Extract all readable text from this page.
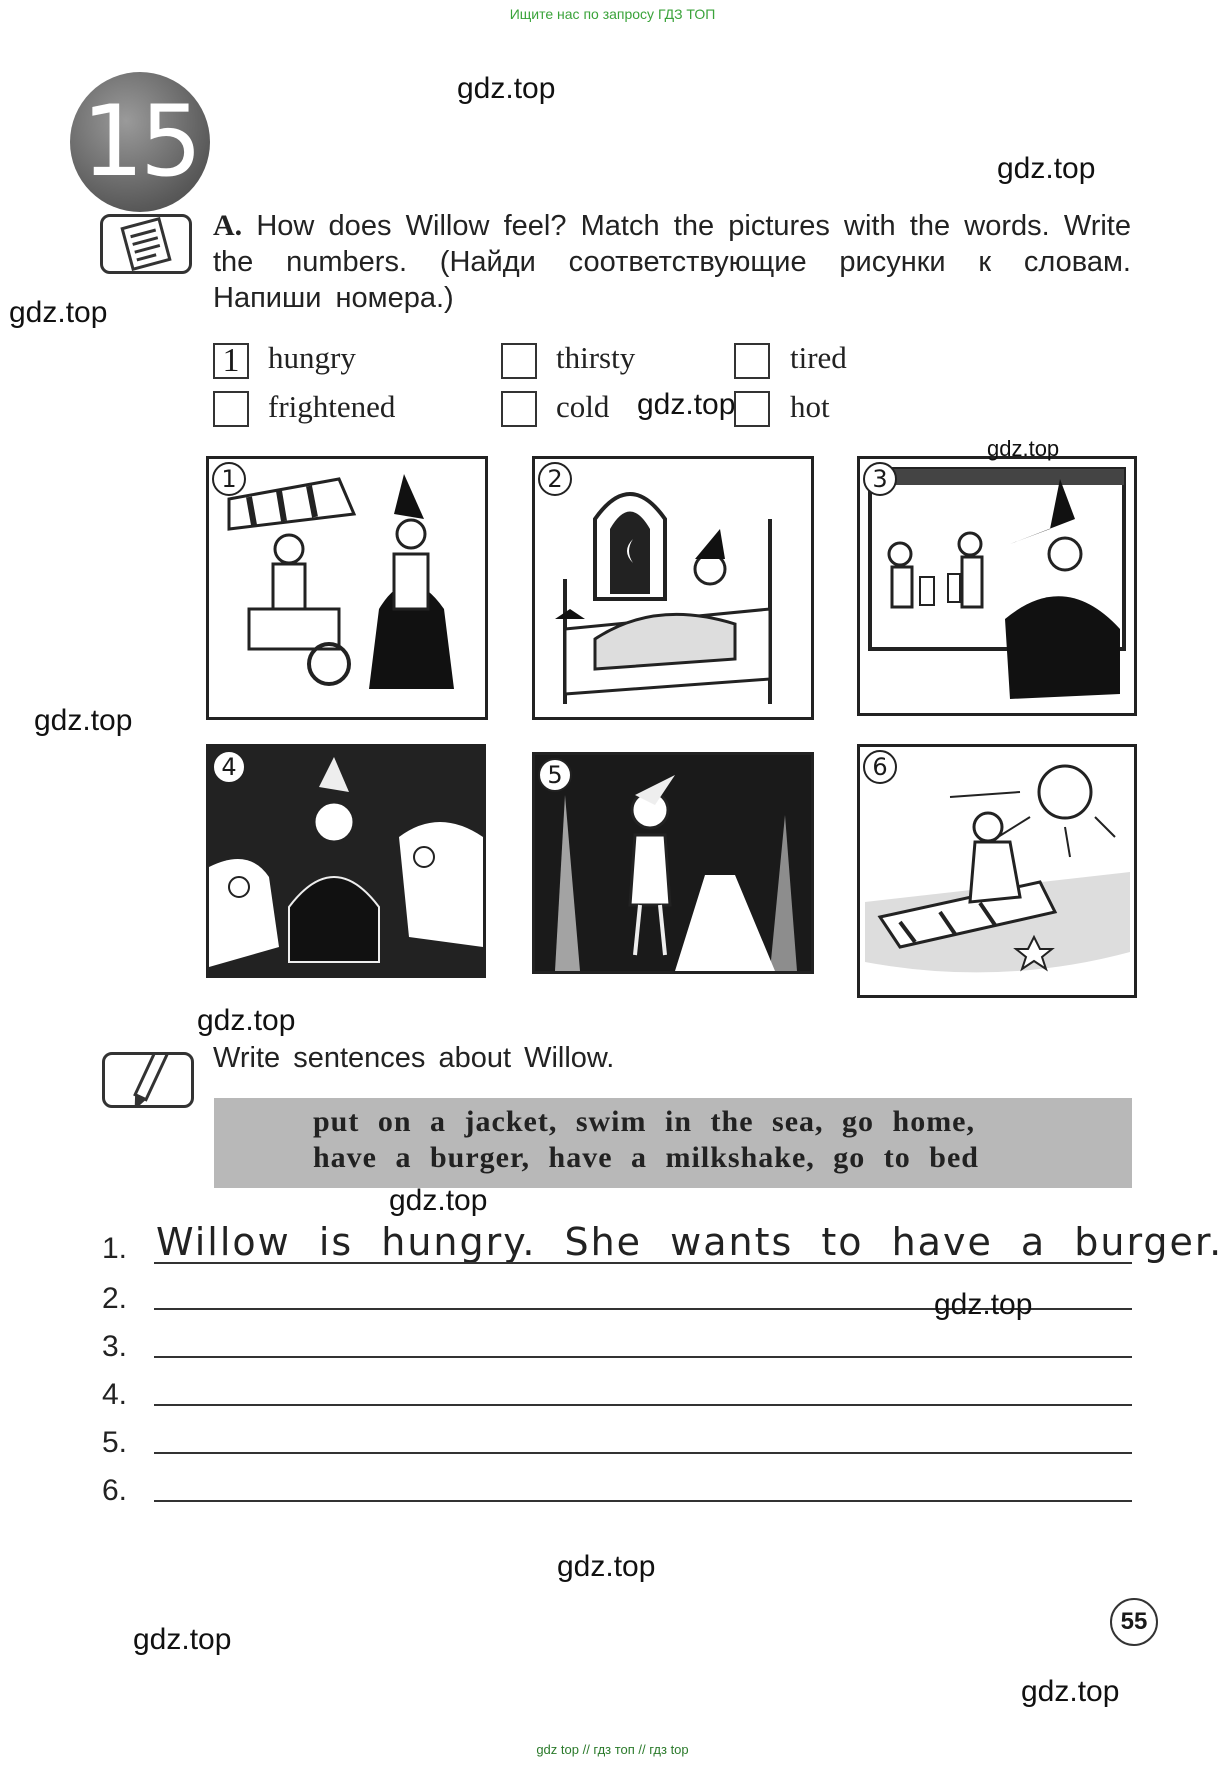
Ищите нас по запросу ГДЗ ТОП
gdz top // гдз топ // гдз top
15
A. How does Willow feel? Match the pictures with the words. Write the numbers. (Найди соответствующие рисунки к словам. Напиши номера.)
1 hungry	thirsty	tired
frightened	cold	hot
1	2	3
4	5	6
Write sentences about Willow.
put on a jacket, swim in the sea, go home,
have a burger, have a milkshake, go to bed
1. Willow is hungry. She wants to have a burger.
2.
3.
4.
5.
6.
55
gdz.top
gdz.top
gdz.top
gdz.top
gdz.top
gdz.top
gdz.top
gdz.top
gdz.top
gdz.top
gdz.top
gdz.top
